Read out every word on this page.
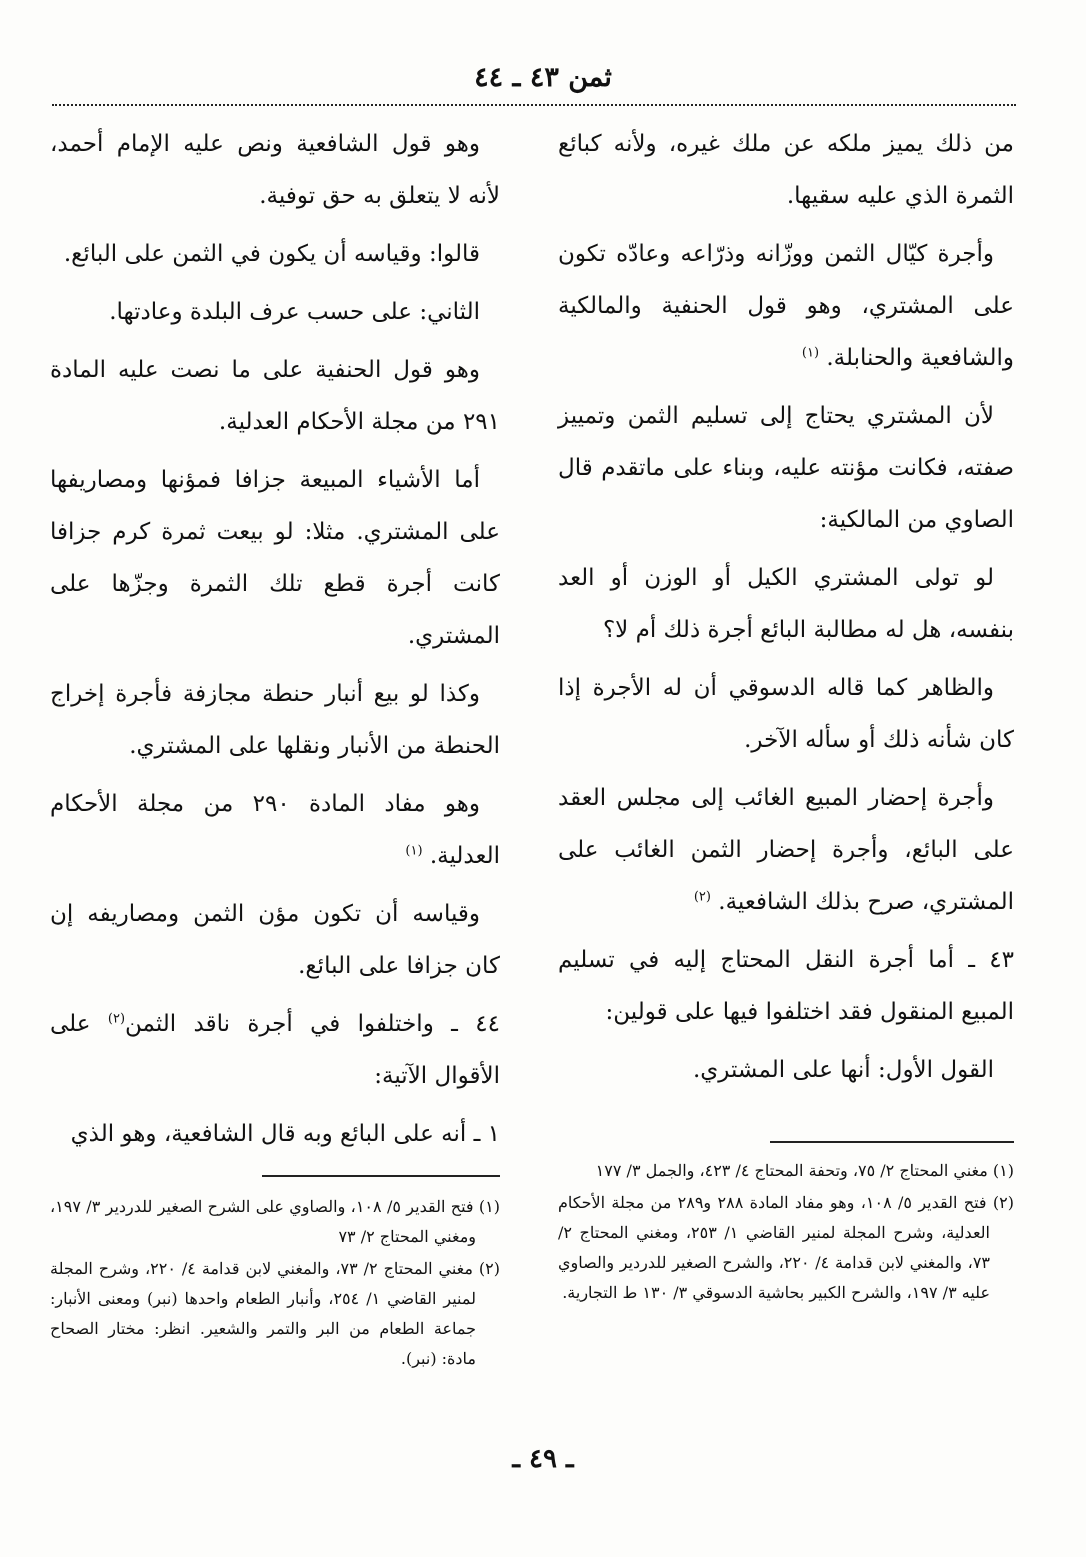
ثمن ٤٣ ـ ٤٤

من ذلك يميز ملكه عن ملك غيره، ولأنه كبائع الثمرة الذي عليه سقيها.

وأجرة كيّال الثمن ووزّانه وذرّاعه وعادّه تكون على المشتري، وهو قول الحنفية والمالكية والشافعية والحنابلة. $^{(١)}$

لأن المشتري يحتاج إلى تسليم الثمن وتمييز صفته، فكانت مؤنته عليه، وبناء على ماتقدم قال الصاوي من المالكية:

لو تولى المشتري الكيل أو الوزن أو العد بنفسه، هل له مطالبة البائع أجرة ذلك أم لا؟

والظاهر كما قاله الدسوقي أن له الأجرة إذا كان شأنه ذلك أو سأله الآخر.

وأجرة إحضار المبيع الغائب إلى مجلس العقد على البائع، وأجرة إحضار الثمن الغائب على المشتري، صرح بذلك الشافعية. $^{(٢)}$

٤٣ ـ أما أجرة النقل المحتاج إليه في تسليم المبيع المنقول فقد اختلفوا فيها على قولين:

القول الأول: أنها على المشتري.

وهو قول الشافعية ونص عليه الإمام أحمد، لأنه لا يتعلق به حق توفية.

قالوا: وقياسه أن يكون في الثمن على البائع.

الثاني: على حسب عرف البلدة وعادتها.

وهو قول الحنفية على ما نصت عليه المادة ٢٩١ من مجلة الأحكام العدلية.

أما الأشياء المبيعة جزافا فمؤنها ومصاريفها على المشتري. مثلا: لو بيعت ثمرة كرم جزافا كانت أجرة قطع تلك الثمرة وجزّها على المشتري.

وكذا لو بيع أنبار حنطة مجازفة فأجرة إخراج الحنطة من الأنبار ونقلها على المشتري.

وهو مفاد المادة ٢٩٠ من مجلة الأحكام العدلية. $^{(١)}$

وقياسه أن تكون مؤن الثمن ومصاريفه إن كان جزافا على البائع.

٤٤ ـ واختلفوا في أجرة ناقد الثمن$^{(٢)}$ على الأقوال الآتية:

١ ـ أنه على البائع وبه قال الشافعية، وهو الذي

(١) مغني المحتاج ٢/ ٧٥، وتحفة المحتاج ٤/ ٤٢٣، والجمل ٣/ ١٧٧

(٢) فتح القدير ٥/ ١٠٨، وهو مفاد المادة ٢٨٨ و٢٨٩ من مجلة الأحكام العدلية، وشرح المجلة لمنير القاضي ١/ ٢٥٣، ومغني المحتاج ٢/ ٧٣، والمغني لابن قدامة ٤/ ٢٢٠، والشرح الصغير للدردير والصاوي عليه ٣/ ١٩٧، والشرح الكبير بحاشية الدسوقي ٣/ ١٣٠ ط التجارية.

(١) فتح القدير ٥/ ١٠٨، والصاوي على الشرح الصغير للدردير ٣/ ١٩٧، ومغني المحتاج ٢/ ٧٣

(٢) مغني المحتاج ٢/ ٧٣، والمغني لابن قدامة ٤/ ٢٢٠، وشرح المجلة لمنير القاضي ١/ ٢٥٤، وأنبار الطعام واحدها (نبر) ومعنى الأنبار: جماعة الطعام من البر والتمر والشعير. انظر: مختار الصحاح مادة: (نبر).

ـ ٤٩ ـ
